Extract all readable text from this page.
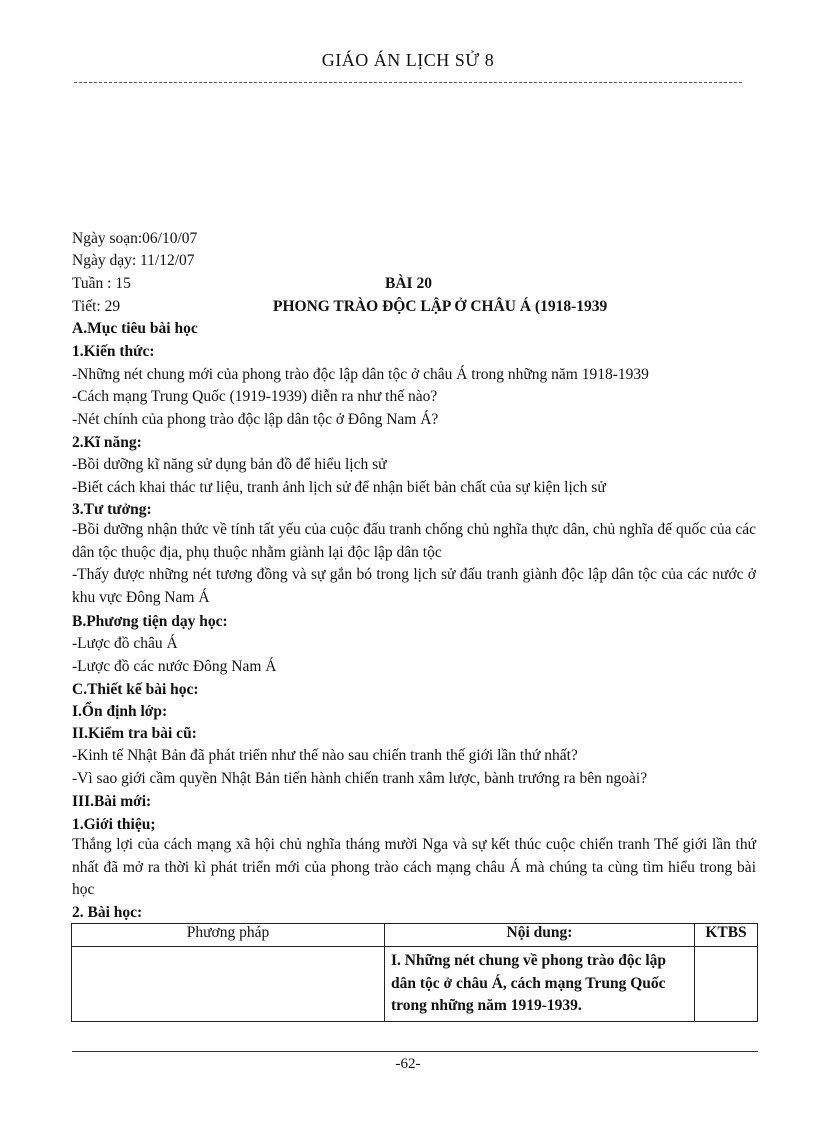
GIÁO ÁN LỊCH SỬ 8
Ngày soạn:06/10/07
Ngày dạy: 11/12/07
Tuần : 15
Tiết: 29
BÀI 20
PHONG TRÀO ĐỘC LẬP Ở CHÂU Á (1918-1939
A.Mục tiêu bài học
1.Kiến thức:
-Những nét chung mới của phong trào độc lập dân tộc ở châu Á trong những năm 1918-1939
-Cách mạng Trung Quốc (1919-1939) diễn ra như thế nào?
-Nét chính của phong trào độc lập dân tộc ở Đông Nam Á?
2.Kĩ năng:
-Bồi dưỡng kĩ năng sử dụng bản đồ để hiểu lịch sử
-Biết cách khai thác tư liệu, tranh ảnh lịch sử để nhận biết bản chất của sự kiện lịch sử
3.Tư tưởng:
-Bồi dưỡng nhận thức về tính tất yếu của cuộc đấu tranh chống chủ nghĩa thực dân, chủ nghĩa đế quốc của các dân tộc thuộc địa, phụ thuộc nhằm giành lại độc lập dân tộc
-Thấy được những nét tương đồng và sự gắn bó trong lịch sử đấu tranh giành độc lập dân tộc của các nước ở khu vực Đông Nam Á
B.Phương tiện dạy học:
-Lược đồ châu Á
-Lược đồ các nước Đông Nam Á
C.Thiết kế bài học:
I.Ổn định lớp:
II.Kiểm tra bài cũ:
-Kinh tế Nhật Bản đã phát triển như thế nào sau chiến tranh thế giới lần thứ nhất?
-Vì sao giới cầm quyền Nhật Bản tiến hành chiến tranh xâm lược, bành trướng ra bên ngoài?
III.Bài mới:
1.Giới thiệu;
Thắng lợi của cách mạng xã hội chủ nghĩa tháng mười Nga và sự kết thúc cuộc chiến tranh Thế giới lần thứ nhất đã mở ra thời kì phát triển mới của phong trào cách mạng châu Á mà chúng ta cùng tìm hiểu trong bài học
2. Bài học:
Phương pháp	Nội dung:	KTBS
	I. Những nét chung về phong trào độc lập dân tộc ở châu Á, cách mạng Trung Quốc trong những năm 1919-1939.	
-62-
